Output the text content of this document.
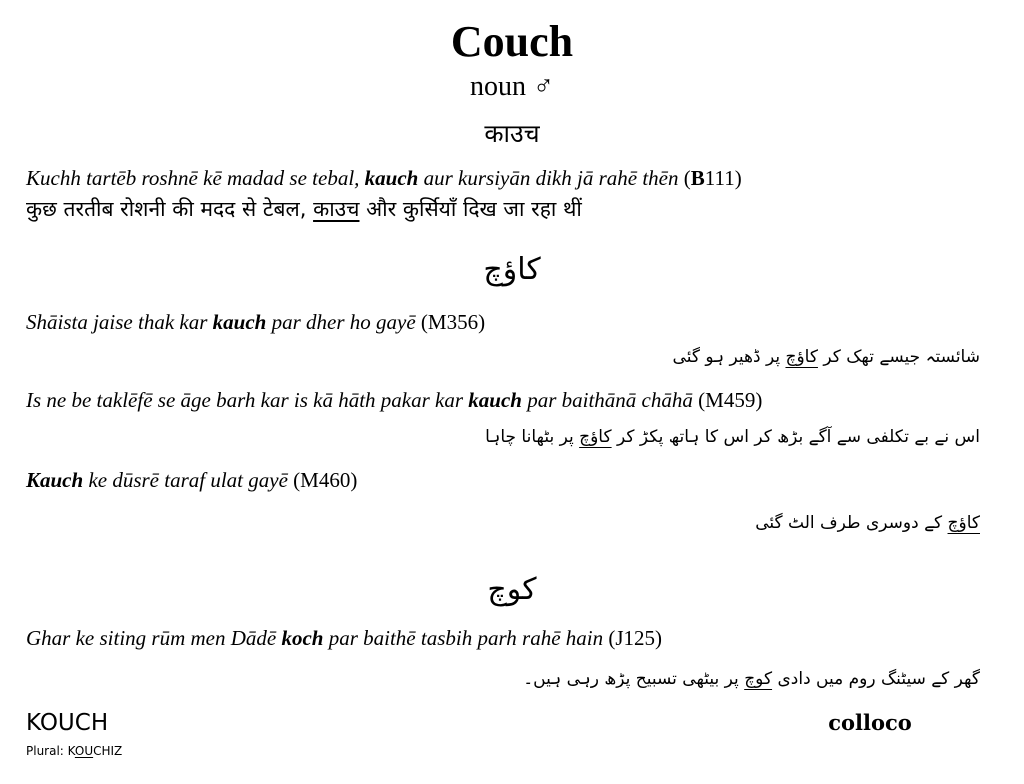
Couch
noun ♂
काउच
Kuchh tartēb roshnē kē madad se tebal, kauch aur kursiyān dikh jā rahē thēn (B111)
कुछ तरतीब रोशनी की मदद से टेबल, काउच और कुर्सियाँ दिख जा रहा थीं
کاؤچ
Shāista jaise thak kar kauch par dher ho gayē (M356)
شائستہ جیسے تھک کر کاؤچ پر ڈھیر ہو گئی
Is ne be taklēfē se āge barh kar is kā hāth pakar kar kauch par baithānā chāhā (M459)
اس نے بے تکلفی سے آگے بڑھ کر اس کا ہاتھ پکڑ کر کاؤچ پر بٹھانا چاہا
Kauch ke dūsrē taraf ulat gayē (M460)
کاؤچ کے دوسری طرف الٹ گئی
کوچ
Ghar ke siting rūm men Dādē koch par baithē tasbih parh rahē hain (J125)
گھر کے سیٹنگ روم میں دادی کوچ پر بیٹھی تسبیح پڑھ رہی ہیں۔
KOUCH
Plural: KOUCHIZ
colloco
